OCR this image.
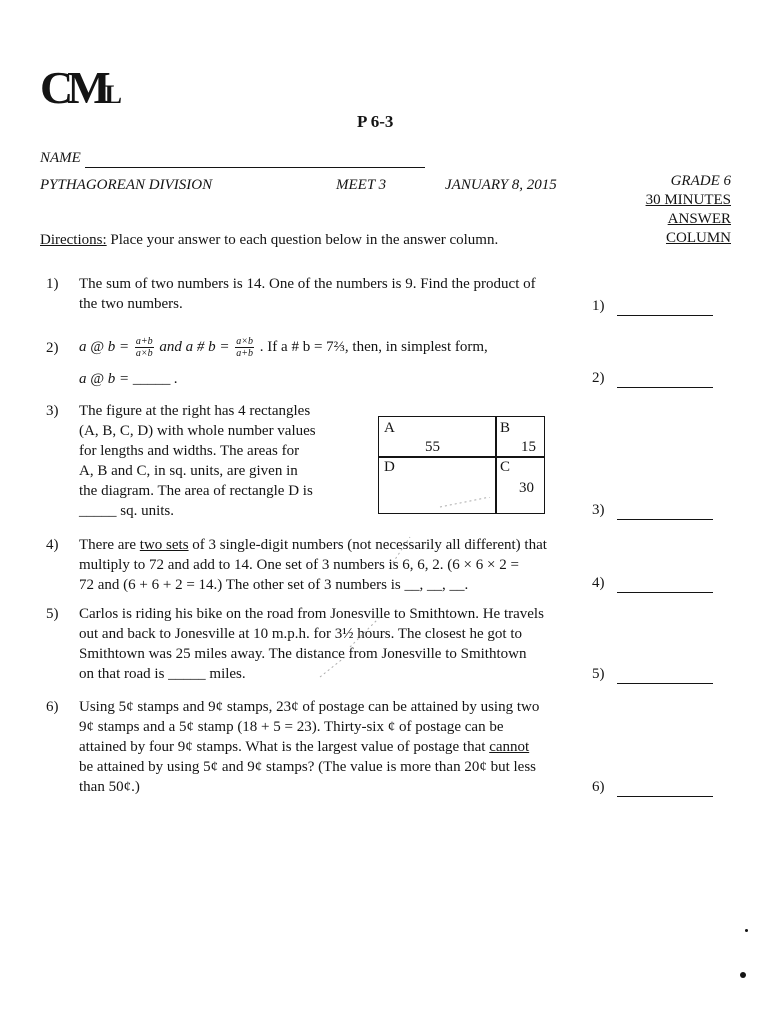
CML
P 6-3
NAME
PYTHAGOREAN DIVISION	MEET 3	JANUARY 8, 2015	GRADE 6
30 MINUTES
ANSWER COLUMN
Directions: Place your answer to each question below in the answer column.
1) The sum of two numbers is 14. One of the numbers is 9. Find the product of
the two numbers.
2) a @ $b = \frac{a+b}{a\times b}$ and a # $b = \frac{a\times b}{a+b}$ . If a # b = 7⅔, then, in simplest form,
a @ b = _____ .
3) The figure at the right has 4 rectangles
(A, B, C, D) with whole number values
for lengths and widths. The areas for
A, B and C, in sq. units, are given in
the diagram. The area of rectangle D is
_____ sq. units.
A
55
B
15
D	C
30
4) There are two sets of 3 single-digit numbers (not necessarily all different) that
multiply to 72 and add to 14. One set of 3 numbers is 6, 6, 2. (6 × 6 × 2 =
72 and (6 + 6 + 2 = 14.) The other set of 3 numbers is __, __, __.
5) Carlos is riding his bike on the road from Jonesville to Smithtown. He travels
out and back to Jonesville at 10 m.p.h. for 3½ hours. The closest he got to
Smithtown was 25 miles away. The distance from Jonesville to Smithtown
on that road is _____ miles.
6) Using 5¢ stamps and 9¢ stamps, 23¢ of postage can be attained by using two
9¢ stamps and a 5¢ stamp (18 + 5 = 23). Thirty-six ¢ of postage can be
attained by four 9¢ stamps. What is the largest value of postage that cannot
be attained by using 5¢ and 9¢ stamps? (The value is more than 20¢ but less
than 50¢.)
1)
2)
3)
4)
5)
6)
